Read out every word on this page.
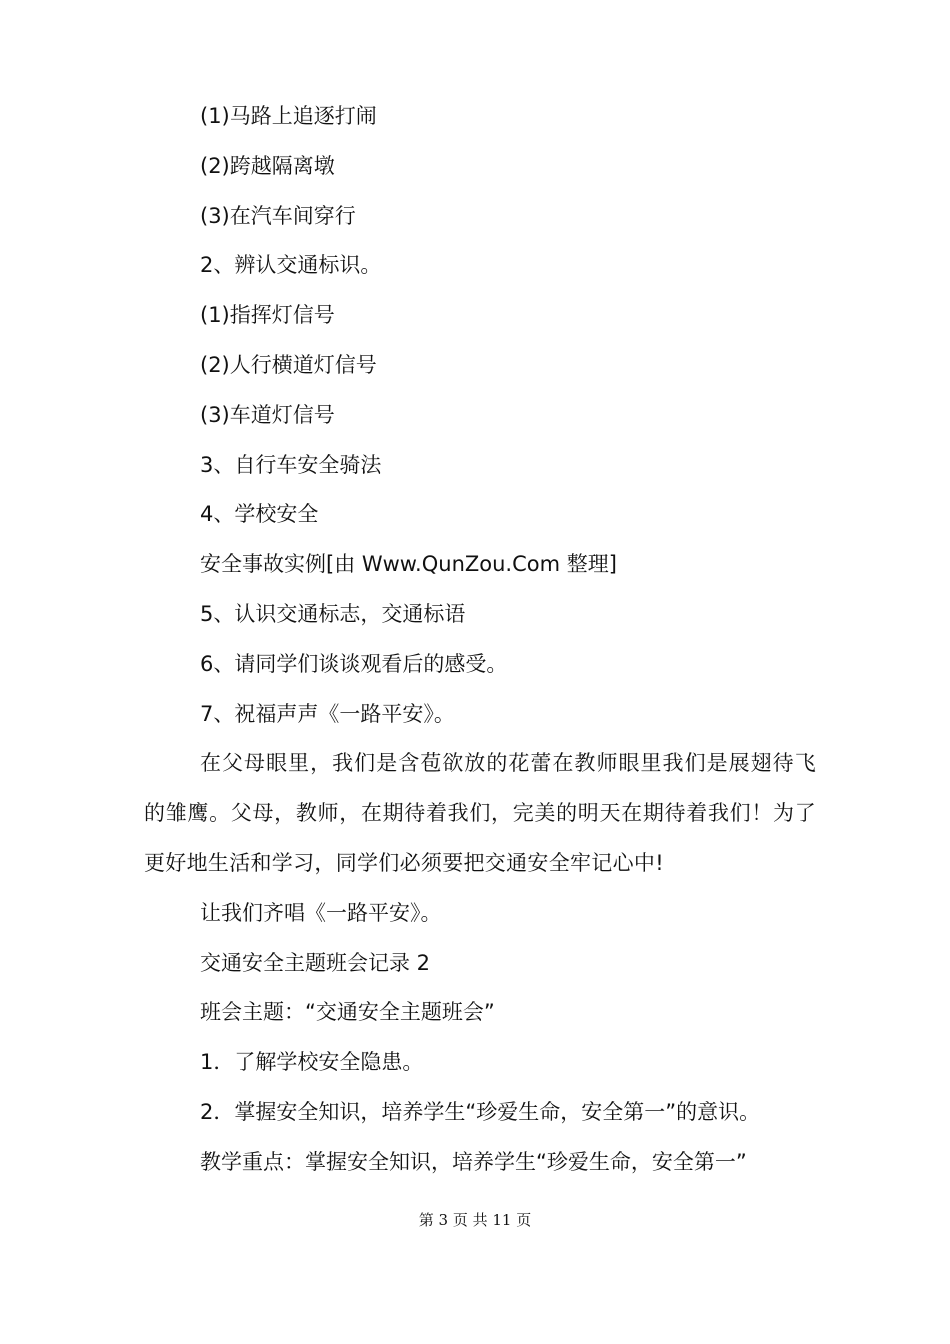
(1)马路上追逐打闹
(2)跨越隔离墩
(3)在汽车间穿行
2、辨认交通标识。
(1)指挥灯信号
(2)人行横道灯信号
(3)车道灯信号
3、自行车安全骑法
4、学校安全
安全事故实例[由 Www.QunZou.Com 整理]
5、认识交通标志，交通标语
6、请同学们谈谈观看后的感受。
7、祝福声声《一路平安》。
在父母眼里，我们是含苞欲放的花蕾在教师眼里我们是展翅待飞的雏鹰。父母，教师，在期待着我们，完美的明天在期待着我们！为了更好地生活和学习，同学们必须要把交通安全牢记心中!
让我们齐唱《一路平安》。
交通安全主题班会记录 2
班会主题：“交通安全主题班会”
1．了解学校安全隐患。
2．掌握安全知识，培养学生“珍爱生命，安全第一”的意识。
教学重点：掌握安全知识，培养学生“珍爱生命，安全第一”
第 3 页 共 11 页
